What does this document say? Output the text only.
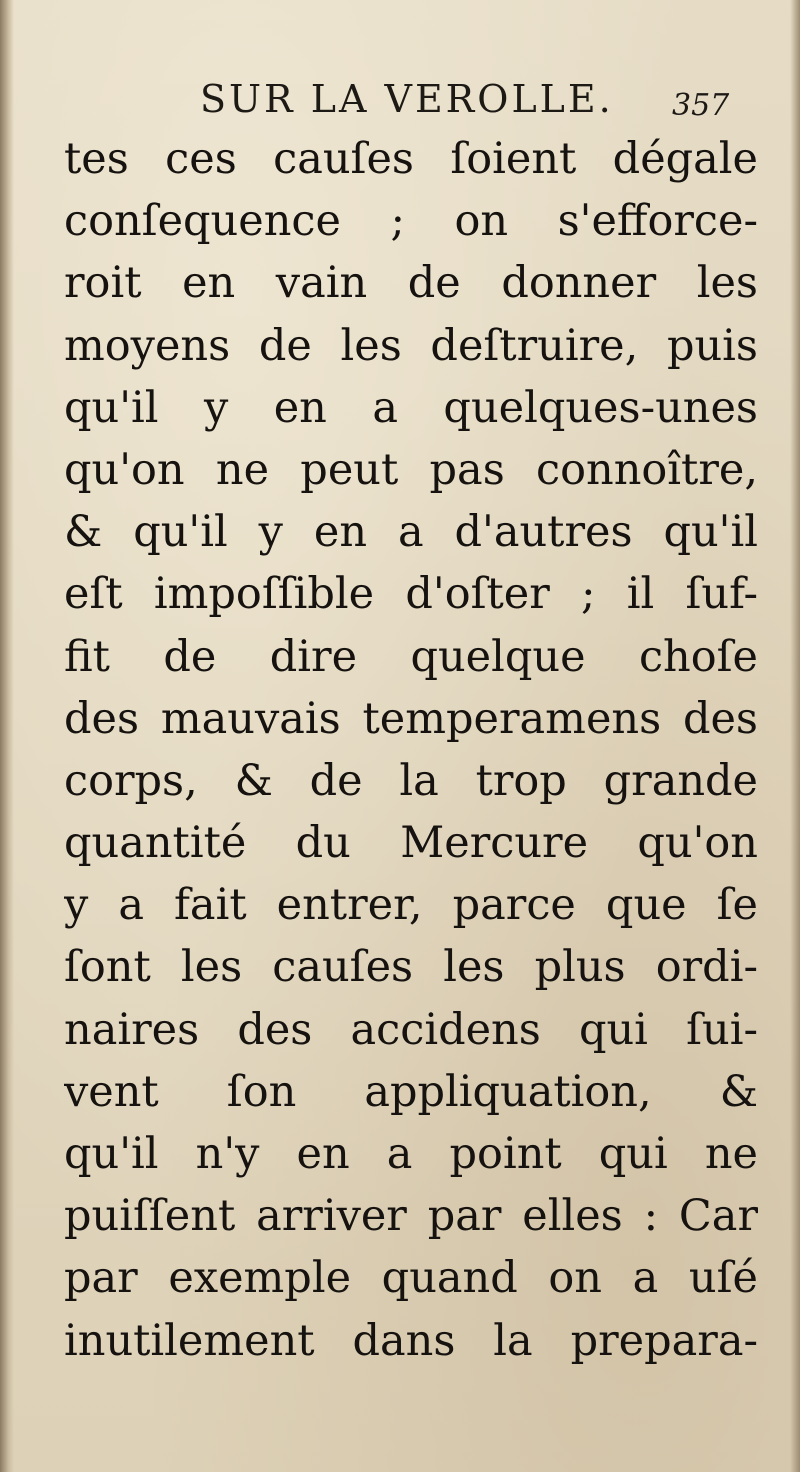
SUR LA VEROLLE. 357
tes ces cauſes ſoient dégale
conſequence ; on s'efforce-
roit en vain de donner les
moyens de les deſtruire, puis
qu'il y en a quelques-unes
qu'on ne peut pas connoître,
& qu'il y en a d'autres qu'il
eſt impoſſible d'oſter ; il ſuf-
fit de dire quelque choſe
des mauvais temperamens des
corps, & de la trop grande
quantité du Mercure qu'on
y a fait entrer, parce que ſe
ſont les cauſes les plus ordi-
naires des accidens qui ſui-
vent ſon appliquation, &
qu'il n'y en a point qui ne
puiſſent arriver par elles : Car
par exemple quand on a uſé
inutilement dans la prepara-
